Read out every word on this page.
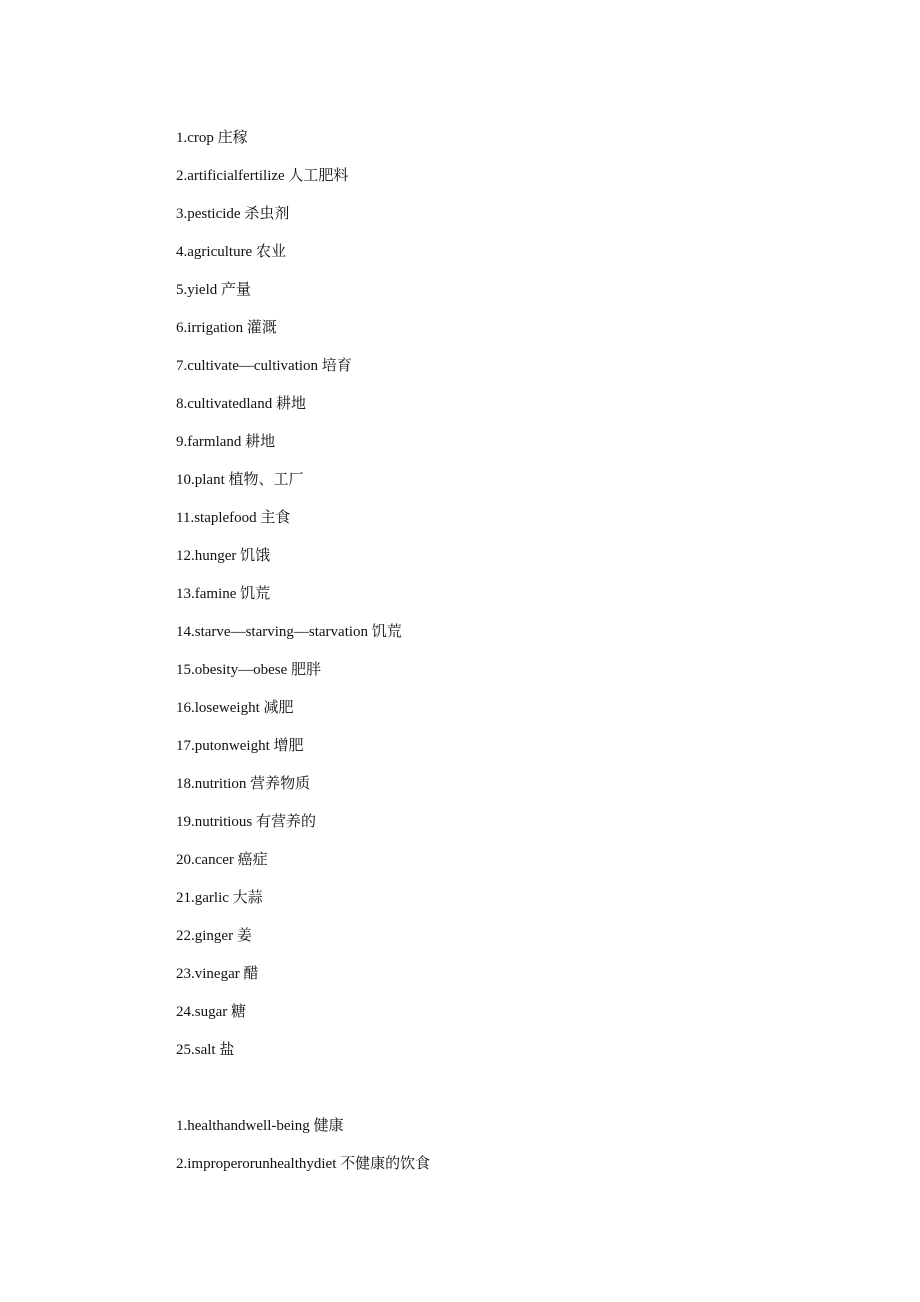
1.crop 庄稼
2.artificialfertilize 人工肥料
3.pesticide 杀虫剂
4.agriculture 农业
5.yield 产量
6.irrigation 灌溉
7.cultivate—cultivation 培育
8.cultivatedland 耕地
9.farmland 耕地
10.plant 植物、工厂
11.staplefood 主食
12.hunger 饥饿
13.famine 饥荒
14.starve—starving—starvation 饥荒
15.obesity—obese 肥胖
16.loseweight 减肥
17.putonweight 增肥
18.nutrition 营养物质
19.nutritious 有营养的
20.cancer 癌症
21.garlic 大蒜
22.ginger 姜
23.vinegar 醋
24.sugar 糖
25.salt 盐
1.healthandwell-being 健康
2.improperorunhealthydiet 不健康的饮食
